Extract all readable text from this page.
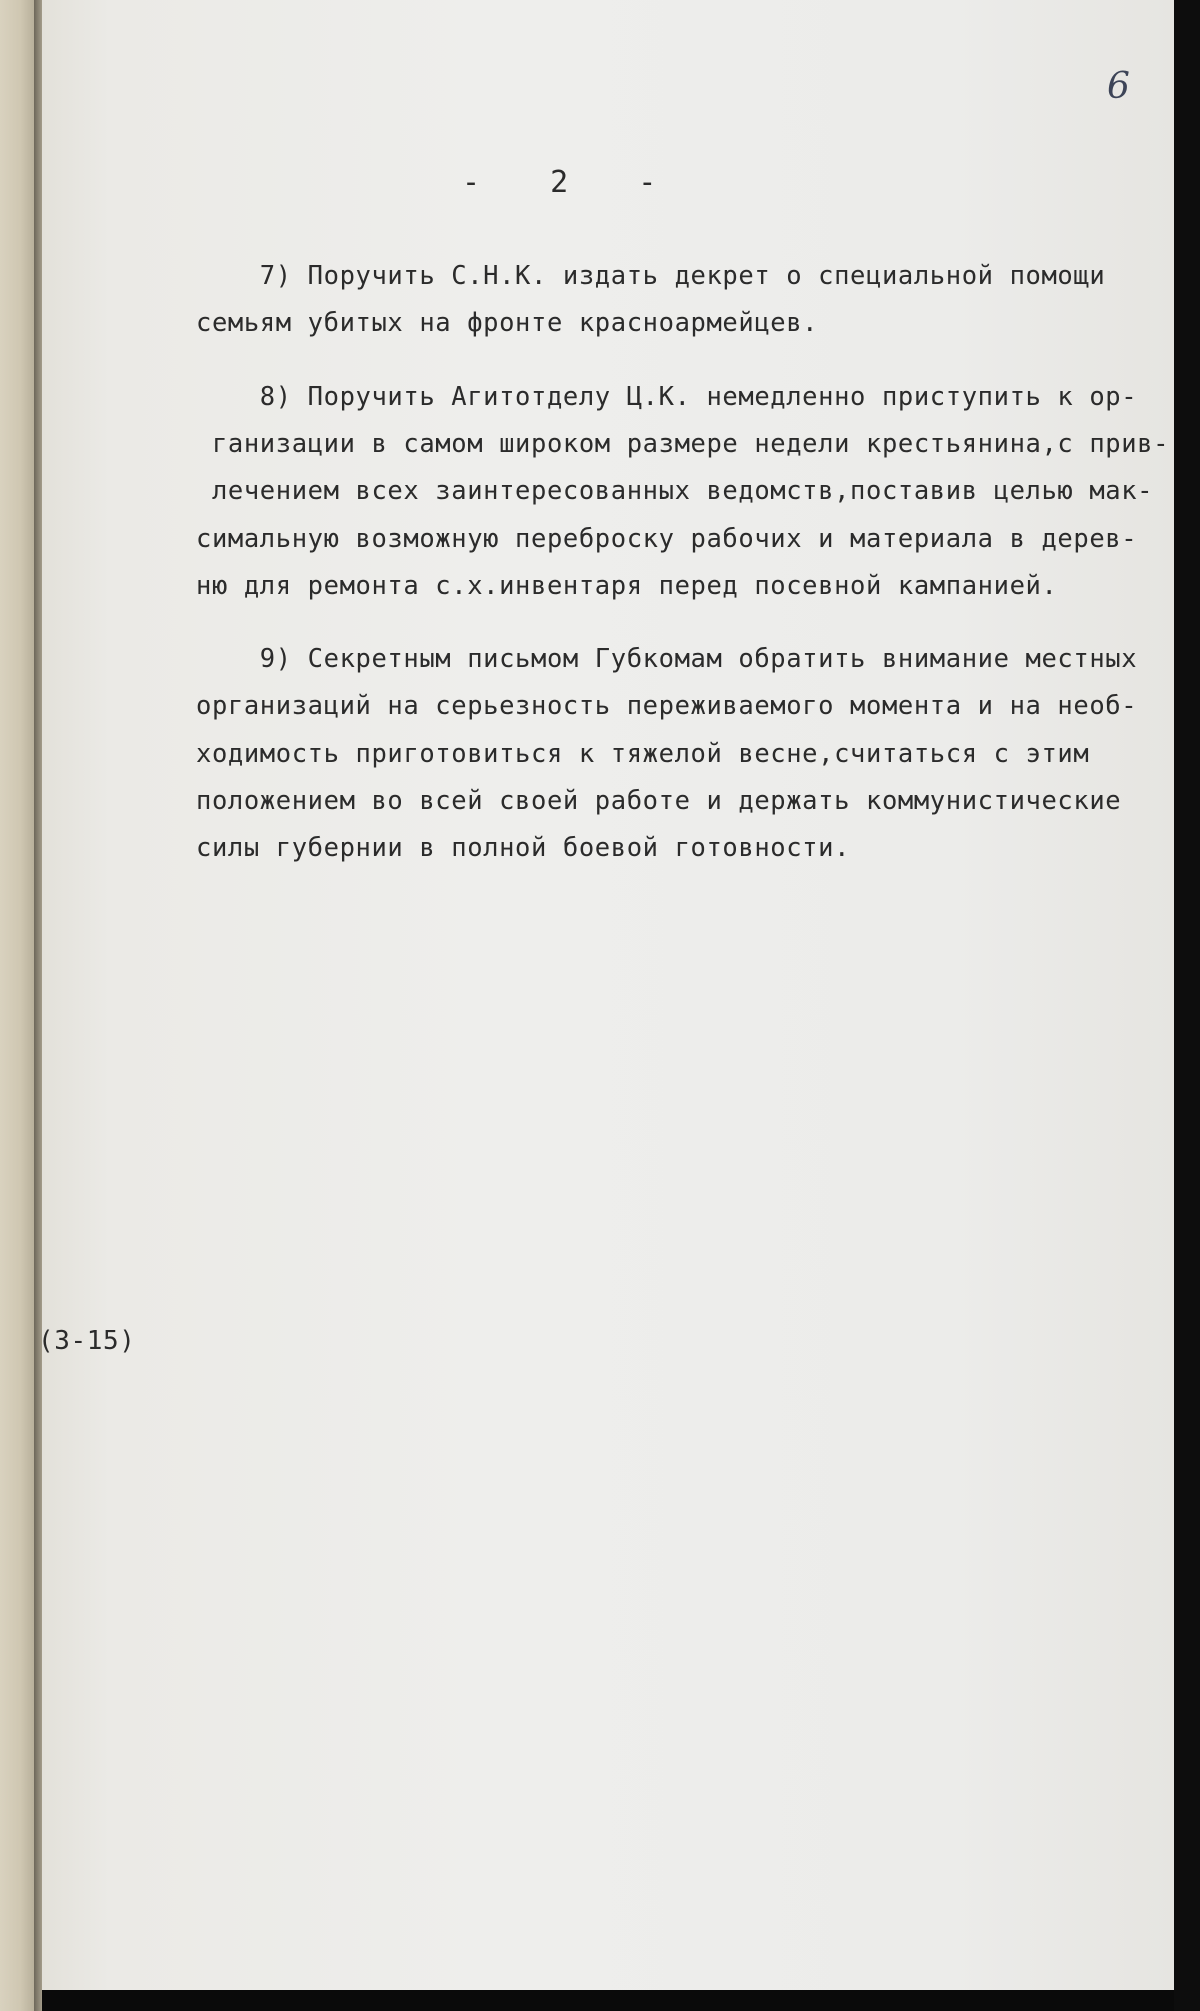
6
- 2 -
7) Поручить С.Н.К. издать декрет о специальной помощи
семьям убитых на фронте красноармейцев.
8) Поручить Агитотделу Ц.К. немедленно приступить к ор-
ганизации в самом широком размере недели крестьянина,с прив-
лечением всех заинтересованных ведомств,поставив целью мак-
симальную возможную переброску рабочих и материала в дерев-
ню для ремонта с.х.инвентаря перед посевной кампанией.
9) Секретным письмом Губкомам обратить внимание местных
организаций на серьезность переживаемого момента и на необ-
ходимость приготовиться к тяжелой весне,считаться с этим
положением во всей своей работе и держать коммунистические
силы губернии в полной боевой готовности.
(3-15)
